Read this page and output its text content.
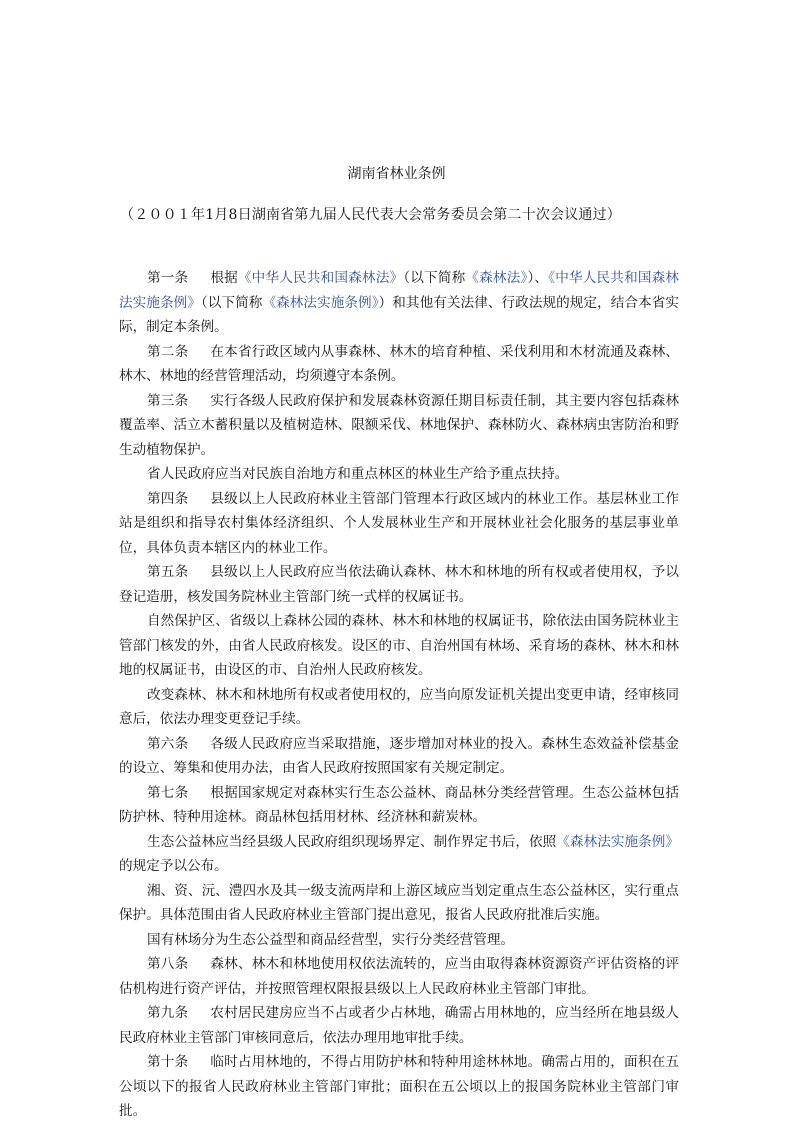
湖南省林业条例
（２００１年1月8日湖南省第九届人民代表大会常务委员会第二十次会议通过）

第一条 根据《中华人民共和国森林法》（以下简称《森林法》）、《中华人民共和国森林法实施条例》（以下简称《森林法实施条例》）和其他有关法律、行政法规的规定，结合本省实际，制定本条例。

第二条 在本省行政区域内从事森林、林木的培育种植、采伐利用和木材流通及森林、林木、林地的经营管理活动，均须遵守本条例。

第三条 实行各级人民政府保护和发展森林资源任期目标责任制，其主要内容包括森林覆盖率、活立木蓄积量以及植树造林、限额采伐、林地保护、森林防火、森林病虫害防治和野生动植物保护。

省人民政府应当对民族自治地方和重点林区的林业生产给予重点扶持。

第四条 县级以上人民政府林业主管部门管理本行政区域内的林业工作。基层林业工作站是组织和指导农村集体经济组织、个人发展林业生产和开展林业社会化服务的基层事业单位，具体负责本辖区内的林业工作。

第五条 县级以上人民政府应当依法确认森林、林木和林地的所有权或者使用权，予以登记造册，核发国务院林业主管部门统一式样的权属证书。

自然保护区、省级以上森林公园的森林、林木和林地的权属证书，除依法由国务院林业主管部门核发的外，由省人民政府核发。设区的市、自治州国有林场、采育场的森林、林木和林地的权属证书，由设区的市、自治州人民政府核发。

改变森林、林木和林地所有权或者使用权的，应当向原发证机关提出变更申请，经审核同意后，依法办理变更登记手续。

第六条 各级人民政府应当采取措施，逐步增加对林业的投入。森林生态效益补偿基金的设立、筹集和使用办法，由省人民政府按照国家有关规定制定。

第七条 根据国家规定对森林实行生态公益林、商品林分类经营管理。生态公益林包括防护林、特种用途林。商品林包括用材林、经济林和薪炭林。

生态公益林应当经县级人民政府组织现场界定、制作界定书后，依照《森林法实施条例》的规定予以公布。

湘、资、沅、澧四水及其一级支流两岸和上游区域应当划定重点生态公益林区，实行重点保护。具体范围由省人民政府林业主管部门提出意见，报省人民政府批准后实施。

国有林场分为生态公益型和商品经营型，实行分类经营管理。

第八条 森林、林木和林地使用权依法流转的，应当由取得森林资源资产评估资格的评估机构进行资产评估，并按照管理权限报县级以上人民政府林业主管部门审批。

第九条 农村居民建房应当不占或者少占林地，确需占用林地的，应当经所在地县级人民政府林业主管部门审核同意后，依法办理用地审批手续。

第十条 临时占用林地的，不得占用防护林和特种用途林林地。确需占用的，面积在五公顷以下的报省人民政府林业主管部门审批；面积在五公顷以上的报国务院林业主管部门审批。
